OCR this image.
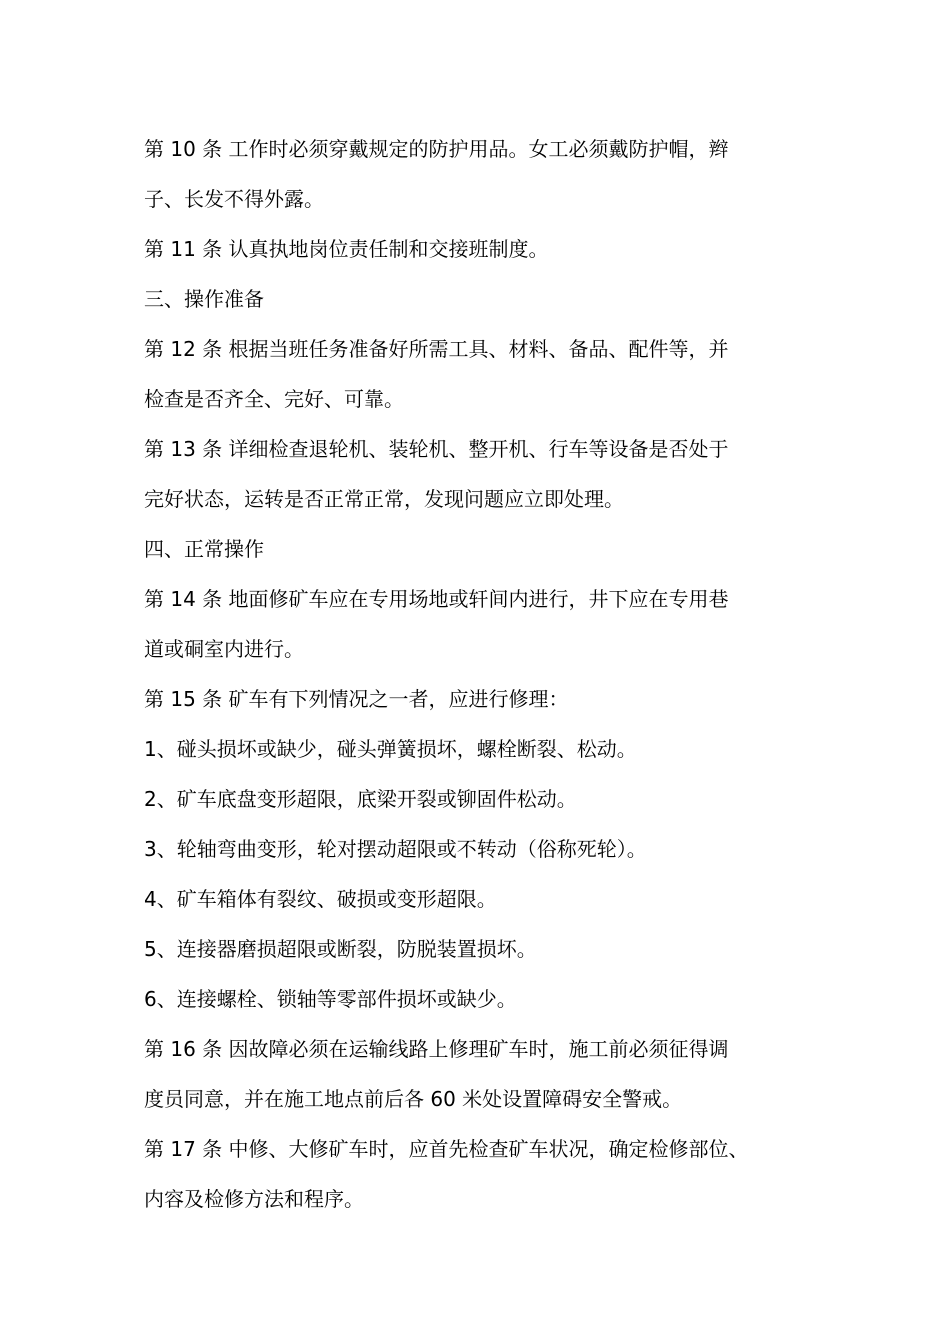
第 10 条 工作时必须穿戴规定的防护用品。女工必须戴防护帽，辫
子、长发不得外露。

第 11 条 认真执地岗位责任制和交接班制度。

三、操作准备

第 12 条 根据当班任务准备好所需工具、材料、备品、配件等，并
检查是否齐全、完好、可靠。

第 13 条 详细检查退轮机、装轮机、整开机、行车等设备是否处于
完好状态，运转是否正常正常，发现问题应立即处理。

四、正常操作

第 14 条 地面修矿车应在专用场地或轩间内进行，井下应在专用巷
道或硐室内进行。

第 15 条 矿车有下列情况之一者，应进行修理：

1、碰头损坏或缺少，碰头弹簧损坏，螺栓断裂、松动。

2、矿车底盘变形超限，底梁开裂或铆固件松动。

3、轮轴弯曲变形，轮对摆动超限或不转动（俗称死轮）。

4、矿车箱体有裂纹、破损或变形超限。

5、连接器磨损超限或断裂，防脱装置损坏。

6、连接螺栓、锁轴等零部件损坏或缺少。

第 16 条 因故障必须在运输线路上修理矿车时，施工前必须征得调
度员同意，并在施工地点前后各 60 米处设置障碍安全警戒。

第 17 条 中修、大修矿车时，应首先检查矿车状况，确定检修部位、
内容及检修方法和程序。
